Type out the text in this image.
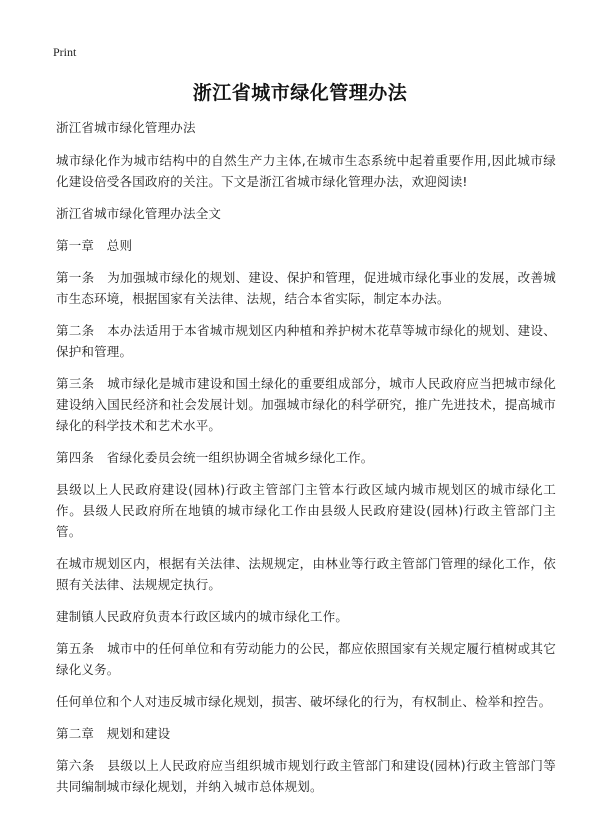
Print
浙江省城市绿化管理办法

浙江省城市绿化管理办法

城市绿化作为城市结构中的自然生产力主体,在城市生态系统中起着重要作用,因此城市绿化建设倍受各国政府的关注。下文是浙江省城市绿化管理办法，欢迎阅读!

浙江省城市绿化管理办法全文

第一章　总则

第一条　为加强城市绿化的规划、建设、保护和管理，促进城市绿化事业的发展，改善城市生态环境，根据国家有关法律、法规，结合本省实际，制定本办法。

第二条　本办法适用于本省城市规划区内种植和养护树木花草等城市绿化的规划、建设、保护和管理。

第三条　城市绿化是城市建设和国土绿化的重要组成部分，城市人民政府应当把城市绿化建设纳入国民经济和社会发展计划。加强城市绿化的科学研究，推广先进技术，提高城市绿化的科学技术和艺术水平。

第四条　省绿化委员会统一组织协调全省城乡绿化工作。

县级以上人民政府建设(园林)行政主管部门主管本行政区域内城市规划区的城市绿化工作。县级人民政府所在地镇的城市绿化工作由县级人民政府建设(园林)行政主管部门主管。

在城市规划区内，根据有关法律、法规规定，由林业等行政主管部门管理的绿化工作，依照有关法律、法规规定执行。

建制镇人民政府负责本行政区域内的城市绿化工作。

第五条　城市中的任何单位和有劳动能力的公民，都应依照国家有关规定履行植树或其它绿化义务。

任何单位和个人对违反城市绿化规划，损害、破坏绿化的行为，有权制止、检举和控告。

第二章　规划和建设

第六条　县级以上人民政府应当组织城市规划行政主管部门和建设(园林)行政主管部门等共同编制城市绿化规划，并纳入城市总体规划。
